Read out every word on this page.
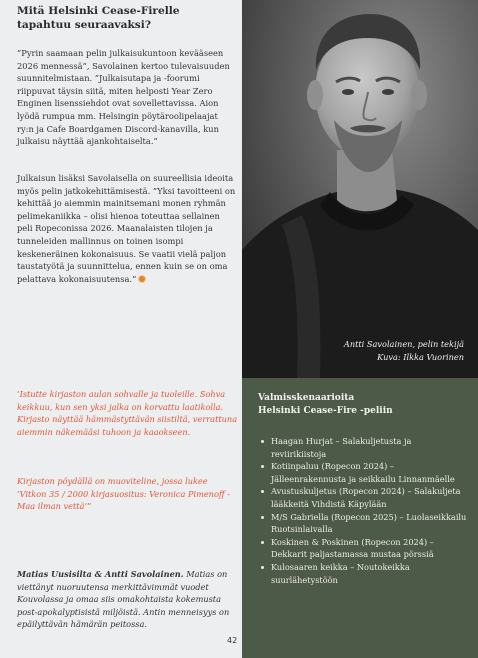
Mitä Helsinki Cease-Firelle tapahtuu seuraavaksi?
”Pyrin saamaan pelin julkaisukuntoon kevääseen 2026 mennessä”, Savolainen kertoo tulevaisuuden suunnitelmistaan. ”Julkaisutapa ja -foorumi riippuvat täysin siitä, miten helposti Year Zero Enginen lisenssiehdot ovat sovellettavissa. Aion lyödä rumpua mm. Helsingin pöytäroolipelaajat ry:n ja Cafe Boardgamen Discord-kanavilla, kun julkaisu näyttää ajankohtaiselta.”
Julkaisun lisäksi Savolaisella on suureellisia ideoita myös pelin jatkokehittämisestä. ”Yksi tavoitteeni on kehittää jo aiemmin mainitsemani monen ryhmän pelimekaniikka – olisi hienoa toteuttaa sellainen peli Ropeconissa 2026. Maanalaisten tilojen ja tunneleiden mallinnus on toinen isompi keskeneräinen kokonaisuus. Se vaatii vielä paljon taustatyötä ja suunnittelua, ennen kuin se on oma pelattava kokonaisuutensa.”
’Istutte kirjaston aulan sohvalle ja tuoleille. Sohva keikkuu, kun sen yksi jalka on korvattu laatikolla. Kirjasto näyttää hämmästyttävän siistiltä, verrattuna aiemmin näkemääsi tuhoon ja kaaokseen.
Kirjaston pöydällä on muoviteline, jossa lukee ’Vitkon 35 / 2000 kirjasuositus: Veronica Pimenoff - Maa ilman vettä’”
Matias Uusisilta & Antti Savolainen. Matias on viettänyt nuoruutensa merkittävimmät vuodet Kouvolassa ja omaa siis omakohtaista kokemusta post-apokalyptisistä miljöistä. Antin menneisyys on epäilyttävän hämärän peitossa.
42
Antti Savolainen, pelin tekijä
Kuva: Ilkka Vuorinen
Valmisskenaarioita
Helsinki Cease-Fire -peliin
Haagan Hurjat – Salakuljetusta ja reviirikiistoja
Kotiinpaluu (Ropecon 2024) – Jälleenrakennusta ja seikkailu Linnanmäelle
Avustuskuljetus (Ropecon 2024) – Salakuljeta lääkkeitä Vihdistä Käpylään
M/S Gabriella (Ropecon 2025) – Luolaseikkailu Ruotsinlaivalla
Koskinen & Poskinen (Ropecon 2024) – Dekkarit paljastamassa mustaa pörssiä
Kulosaaren keikka – Noutokeikka suurlähetystöön
